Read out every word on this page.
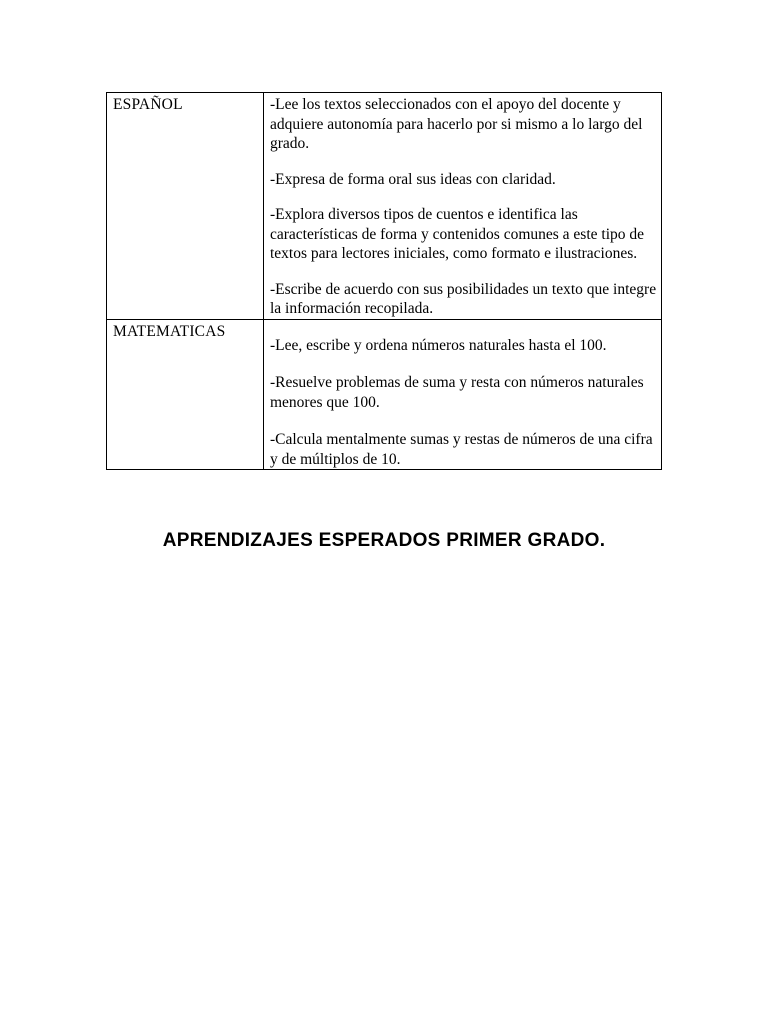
ESPAÑOL	-Lee los textos seleccionados con el apoyo del docente y adquiere autonomía para hacerlo por si mismo a lo largo del grado.

-Expresa de forma oral sus ideas con claridad.

-Explora diversos tipos de cuentos e identifica las características de forma y contenidos comunes a este tipo de textos para lectores iniciales, como formato e ilustraciones.

-Escribe de acuerdo con sus posibilidades un texto que integre la información recopilada.

MATEMATICAS	-Lee, escribe y ordena números naturales hasta el 100.

-Resuelve problemas de suma y resta con números naturales menores que 100.

-Calcula mentalmente sumas y restas de números de una cifra y de múltiplos de 10.

APRENDIZAJES ESPERADOS PRIMER GRADO.
